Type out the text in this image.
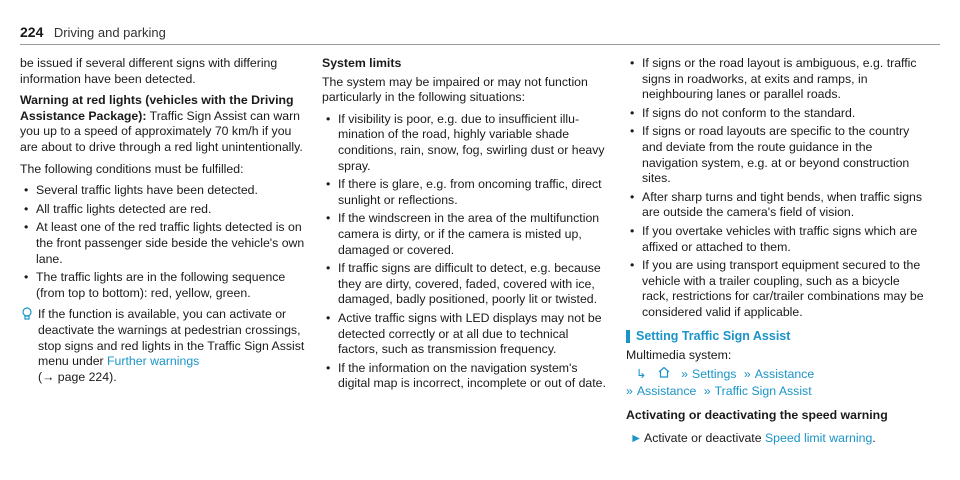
224 Driving and parking

be issued if several different signs with differing information have been detected.

Warning at red lights (vehicles with the Driving Assistance Package): Traffic Sign Assist can warn you up to a speed of approximately 70 km/h if you are about to drive through a red light unintentionally.

The following conditions must be fulfilled:

• Several traffic lights have been detected.
• All traffic lights detected are red.
• At least one of the red traffic lights detected is on the front passenger side beside the vehicle's own lane.
• The traffic lights are in the following sequence (from top to bottom): red, yellow, green.
If the function is available, you can activate or deactivate the warnings at pedestrian crossings, stop signs and red lights in the Traffic Sign Assist menu under Further warnings
(→ page 224).

System limits

The system may be impaired or may not function particularly in the following situations:

• If visibility is poor, e.g. due to insufficient illumination of the road, highly variable shade conditions, rain, snow, fog, swirling dust or heavy spray.
• If there is glare, e.g. from oncoming traffic, direct sunlight or reflections.
• If the windscreen in the area of the multifunction camera is dirty, or if the camera is misted up, damaged or covered.
• If traffic signs are difficult to detect, e.g. because they are dirty, covered, faded, covered with ice, damaged, badly positioned, poorly lit or twisted.
• Active traffic signs with LED displays may not be detected correctly or at all due to technical factors, such as transmission frequency.
• If the information on the navigation system's digital map is incorrect, incomplete or out of date.
• If signs or the road layout is ambiguous, e.g. traffic signs in roadworks, at exits and ramps, in neighbouring lanes or parallel roads.
• If signs do not conform to the standard.
• If signs or road layouts are specific to the country and deviate from the route guidance in the navigation system, e.g. at or beyond construction sites.
• After sharp turns and tight bends, when traffic signs are outside the camera's field of vision.
• If you overtake vehicles with traffic signs which are affixed or attached to them.
• If you are using transport equipment secured to the vehicle with a trailer coupling, such as a bicycle rack, restrictions for car/trailer combinations may be considered valid if applicable.
Setting Traffic Sign Assist

Multimedia system:

↳	» Settings » Assistance
» Assistance » Traffic Sign Assist

Activating or deactivating the speed warning

► Activate or deactivate Speed limit warning.
